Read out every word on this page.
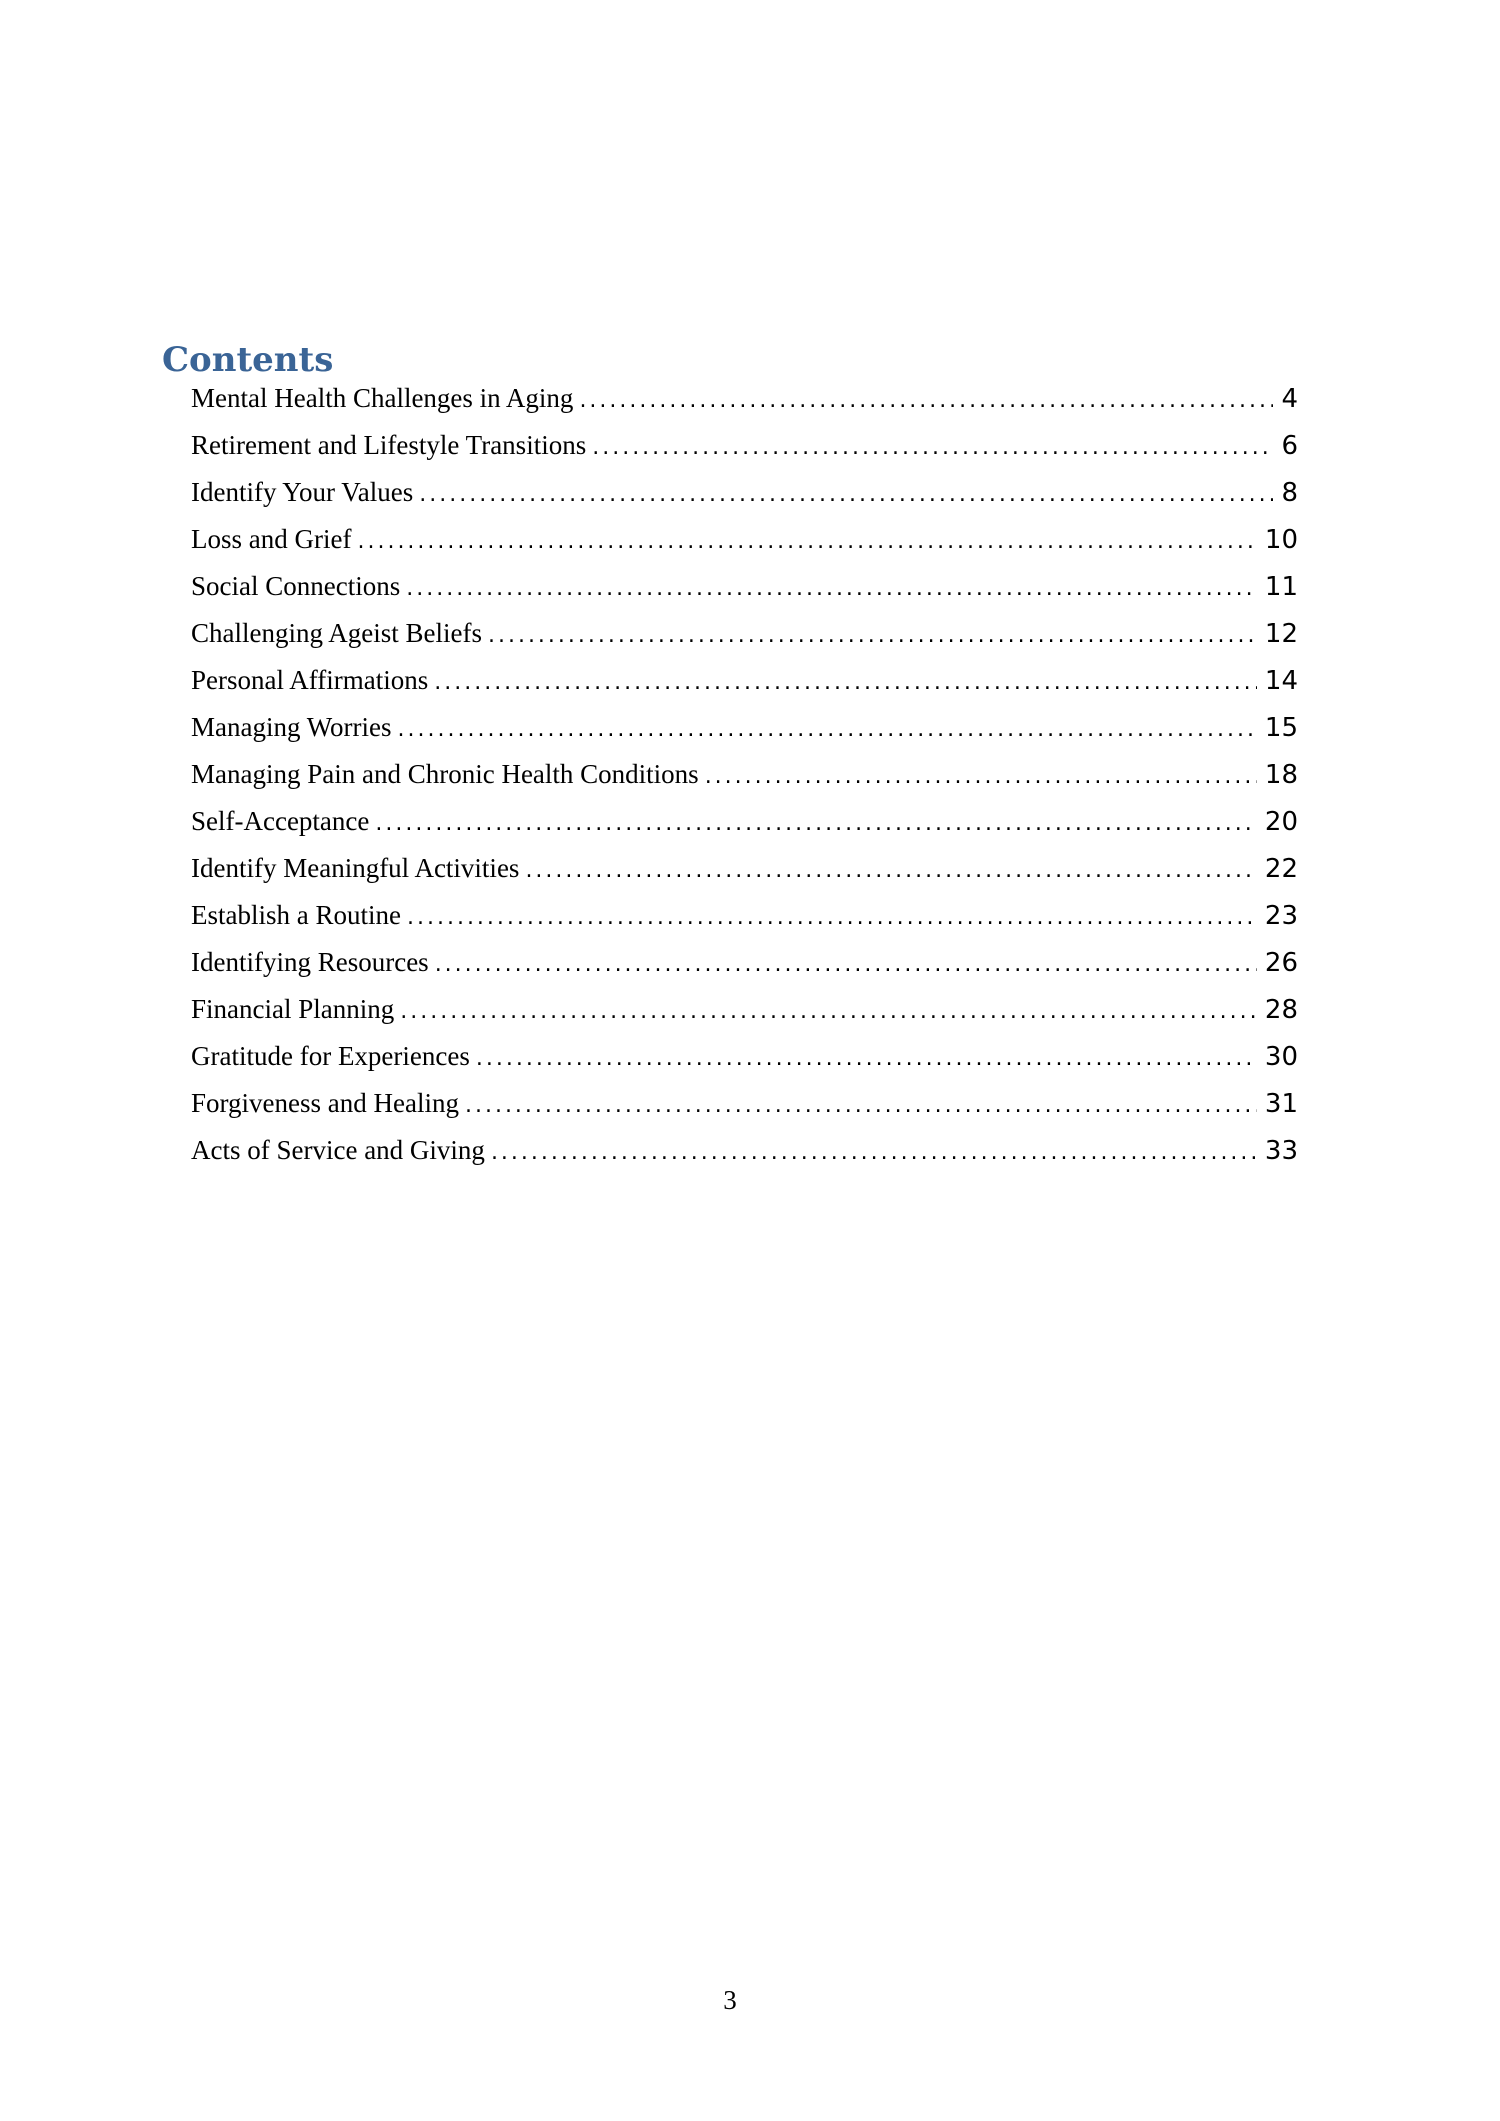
Contents
Mental Health Challenges in Aging .....	4
Retirement and Lifestyle Transitions .....	6
Identify Your Values .....	8
Loss and Grief .....	10
Social Connections .....	11
Challenging Ageist Beliefs .....	12
Personal Affirmations .....	14
Managing Worries .....	15
Managing Pain and Chronic Health Conditions .....	18
Self-Acceptance .....	20
Identify Meaningful Activities .....	22
Establish a Routine .....	23
Identifying Resources .....	26
Financial Planning .....	28
Gratitude for Experiences .....	30
Forgiveness and Healing .....	31
Acts of Service and Giving .....	33
3
